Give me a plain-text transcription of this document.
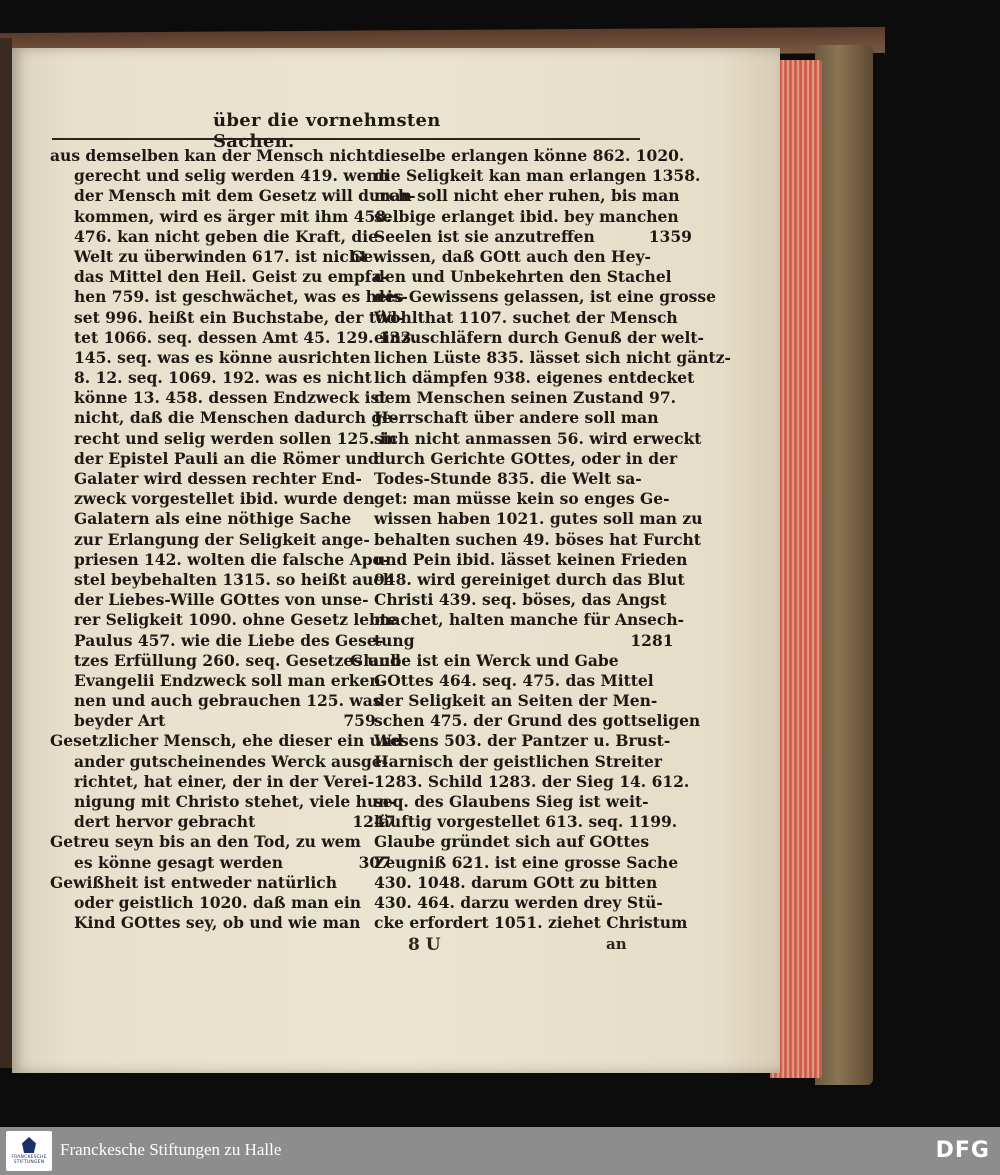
über die vornehmsten Sachen.
aus demselben kan der Mensch nicht
gerecht und selig werden 419. wenn
der Mensch mit dem Gesetz will durch-
kommen, wird es ärger mit ihm 458.
476. kan nicht geben die Kraft, die
Welt zu überwinden 617. ist nicht
das Mittel den Heil. Geist zu empfa-
hen 759. ist geschwächet, was es heis-
set 996. heißt ein Buchstabe, der töd-
tet 1066. seq. dessen Amt 45. 129. 133.
145. seq. was es könne ausrichten
8. 12. seq. 1069. 192. was es nicht
könne 13. 458. dessen Endzweck ist
nicht, daß die Menschen dadurch ge-
recht und selig werden sollen 125. in
der Epistel Pauli an die Römer und
Galater wird dessen rechter End-
zweck vorgestellet ibid. wurde den
Galatern als eine nöthige Sache
zur Erlangung der Seligkeit ange-
priesen 142. wolten die falsche Apo-
stel beybehalten 1315. so heißt auch
der Liebes-Wille GOttes von unse-
rer Seligkeit 1090. ohne Gesetz lebte
Paulus 457. wie die Liebe des Gese-
tzes Erfüllung 260. seq. Gesetzes und
Evangelii Endzweck soll man erken-
nen und auch gebrauchen 125. was
beyder Art                                 759
Gesetzlicher Mensch, ehe dieser ein und
ander gutscheinendes Werck ausge-
richtet, hat einer, der in der Verei-
nigung mit Christo stehet, viele hun-
dert hervor gebracht                  1247
Getreu seyn bis an den Tod, zu wem
es könne gesagt werden              307
Gewißheit ist entweder natürlich
oder geistlich 1020. daß man ein
Kind GOttes sey, ob und wie man
dieselbe erlangen könne 862. 1020.
die Seligkeit kan man erlangen 1358.
man soll nicht eher ruhen, bis man
selbige erlanget ibid. bey manchen
Seelen ist sie anzutreffen          1359
Gewissen, daß GOtt auch den Hey-
den und Unbekehrten den Stachel
des Gewissens gelassen, ist eine grosse
Wohlthat 1107. suchet der Mensch
einzuschläfern durch Genuß der welt-
lichen Lüste 835. lässet sich nicht gäntz-
lich dämpfen 938. eigenes entdecket
dem Menschen seinen Zustand 97.
Herrschaft über andere soll man
sich nicht anmassen 56. wird erweckt
durch Gerichte GOttes, oder in der
Todes-Stunde 835. die Welt sa-
get: man müsse kein so enges Ge-
wissen haben 1021. gutes soll man zu
behalten suchen 49. böses hat Furcht
und Pein ibid. lässet keinen Frieden
948. wird gereiniget durch das Blut
Christi 439. seq. böses, das Angst
machet, halten manche für Ansech-
tung                                        1281
Glaube ist ein Werck und Gabe
GOttes 464. seq. 475. das Mittel
der Seligkeit an Seiten der Men-
schen 475. der Grund des gottseligen
Wesens 503. der Pantzer u. Brust-
Harnisch der geistlichen Streiter
1283. Schild 1283. der Sieg 14. 612.
seq. des Glaubens Sieg ist weit-
läuftig vorgestellet 613. seq. 1199.
Glaube gründet sich auf GOttes
Zeugniß 621. ist eine grosse Sache
430. 1048. darum GOtt zu bitten
430. 464. darzu werden drey Stü-
cke erfordert 1051. ziehet Christum
8 U	an
FRANCKESCHE STIFTUNGEN
Franckesche Stiftungen zu Halle	DFG
